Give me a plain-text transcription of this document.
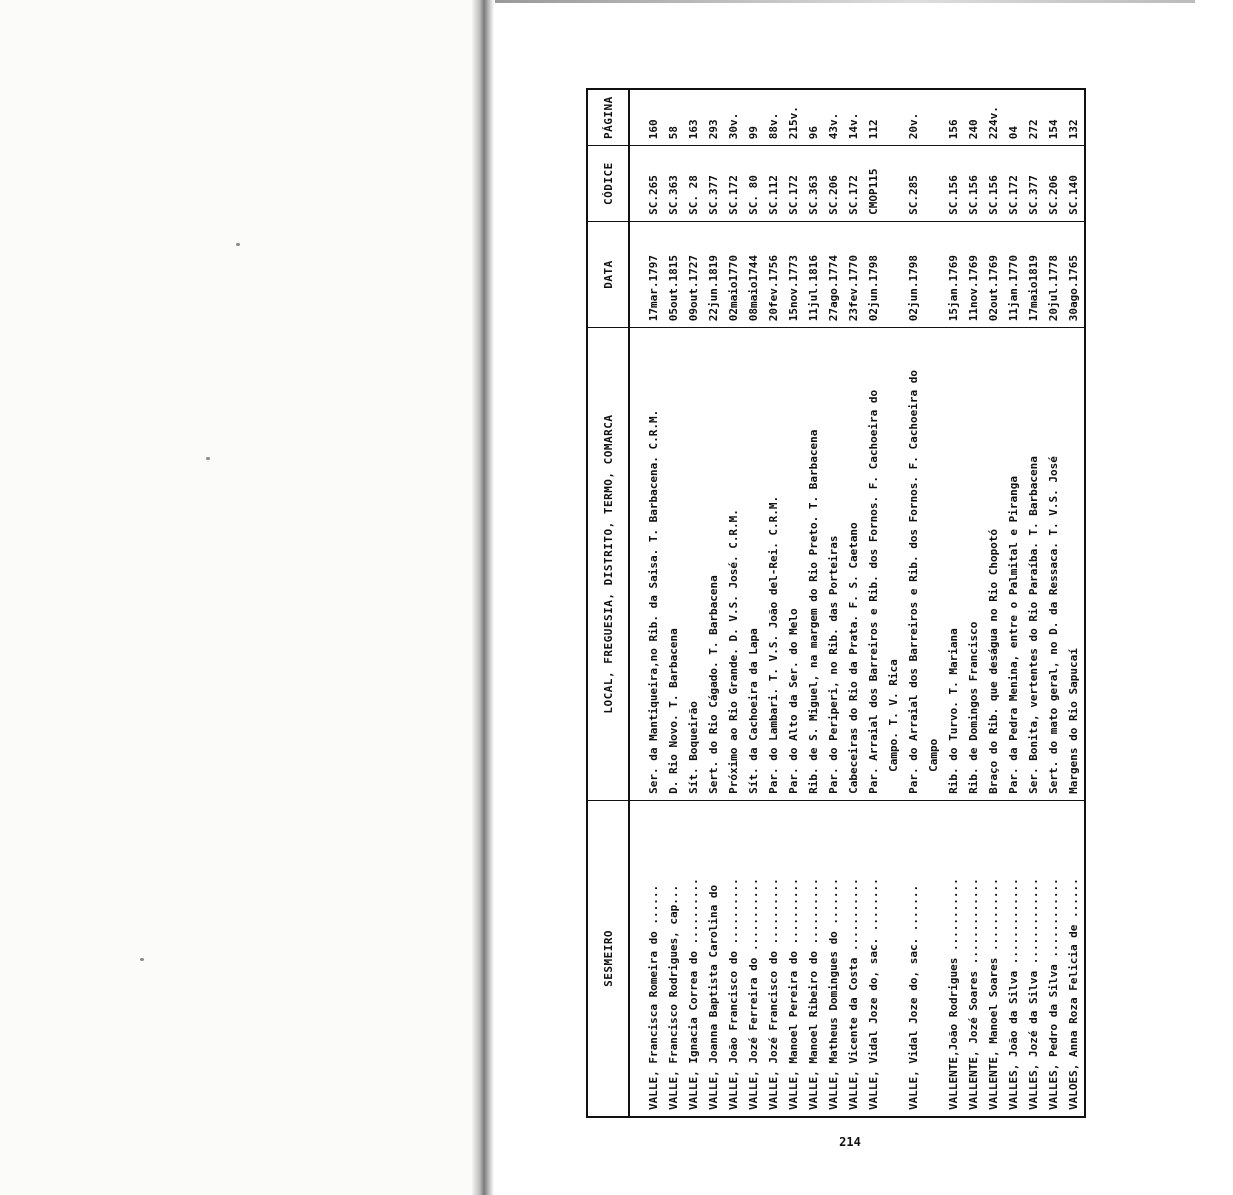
SESMEIRO	LOCAL, FREGUESIA, DISTRITO, TERMO, COMARCA	DATA	CÓDICE	PÁGINA

VALLE, Francisca Romeira do ......	Ser. da Mantiqueira,no Rib. da Saisa. T. Barbacena. C.R.M.	17mar.1797	SC.265	160
VALLE, Francisco Rodrigues, cap...	D. Rio Novo. T. Barbacena	05out.1815	SC.363	58
VALLE, Ignacia Correa do ..........	Sít. Boqueirão	09out.1727	SC. 28	163
VALLE, Joanna Baptista Carolina do	Sert. do Rio Cágado. T. Barbacena	22jun.1819	SC.377	293
VALLE, João Francisco do ..........	Próximo ao Rio Grande. D. V.S. José. C.R.M.	02maio1770	SC.172	30v.
VALLE, Jozé Ferreira do ...........	Sít. da Cachoeira da Lapa	08maio1744	SC. 80	99
VALLE, Jozé Francisco do ..........	Par. do Lambari. T. V.S. João del-Rei. C.R.M.	20fev.1756	SC.112	88v.
VALLE, Manoel Pereira do ..........	Par. do Alto da Ser. do Melo	15nov.1773	SC.172	215v.
VALLE, Manoel Ribeiro do ..........	Rib. de S. Miguel, na margem do Rio Preto. T. Barbacena	11jul.1816	SC.363	96
VALLE, Matheus Domingues do .......	Par. do Periperi, no Rib. das Porteiras	27ago.1774	SC.206	43v.
VALLE, Vicente da Costa ...........	Cabeceiras do Rio da Prata. F. S. Caetano	23fev.1770	SC.172	14v.
VALLE, Vidal Joze do, sac. ........	Par. Arraial dos Barreiros e Rib. dos Fornos. F. Cachoeira do Campo. T. V. Rica	02jun.1798	CMOP115	112
VALLE, Vidal Joze do, sac. .......	Par. do Arraial dos Barreiros e Rib. dos Fornos. F. Cachoeira do Campo	02jun.1798	SC.285	20v.
VALLENTE,João Rodrigues ...........	Rib. do Turvo. T. Mariana	15jan.1769	SC.156	156
VALLENTE, Jozé Soares .............	Rib. de Domingos Francisco	11nov.1769	SC.156	240
VALLENTE, Manoel Soares ...........	Braço do Rib. que deságua no Rio Chopotó	02out.1769	SC.156	224v.
VALLES, João da Silva .............	Par. da Pedra Menina, entre o Palmital e Piranga	11jan.1770	SC.172	04
VALLES, Jozé da Silva .............	Ser. Bonita, vertentes do Rio Paraíba. T. Barbacena	17maio1819	SC.377	272
VALLES, Pedro da Silva ............	Sert. do mato geral, no D. da Ressaca. T. V.S. José	20jul.1778	SC.206	154
VALOES, Anna Roza Felicia de ......	Margens do Rio Sapucaí	30ago.1765	SC.140	132
214
